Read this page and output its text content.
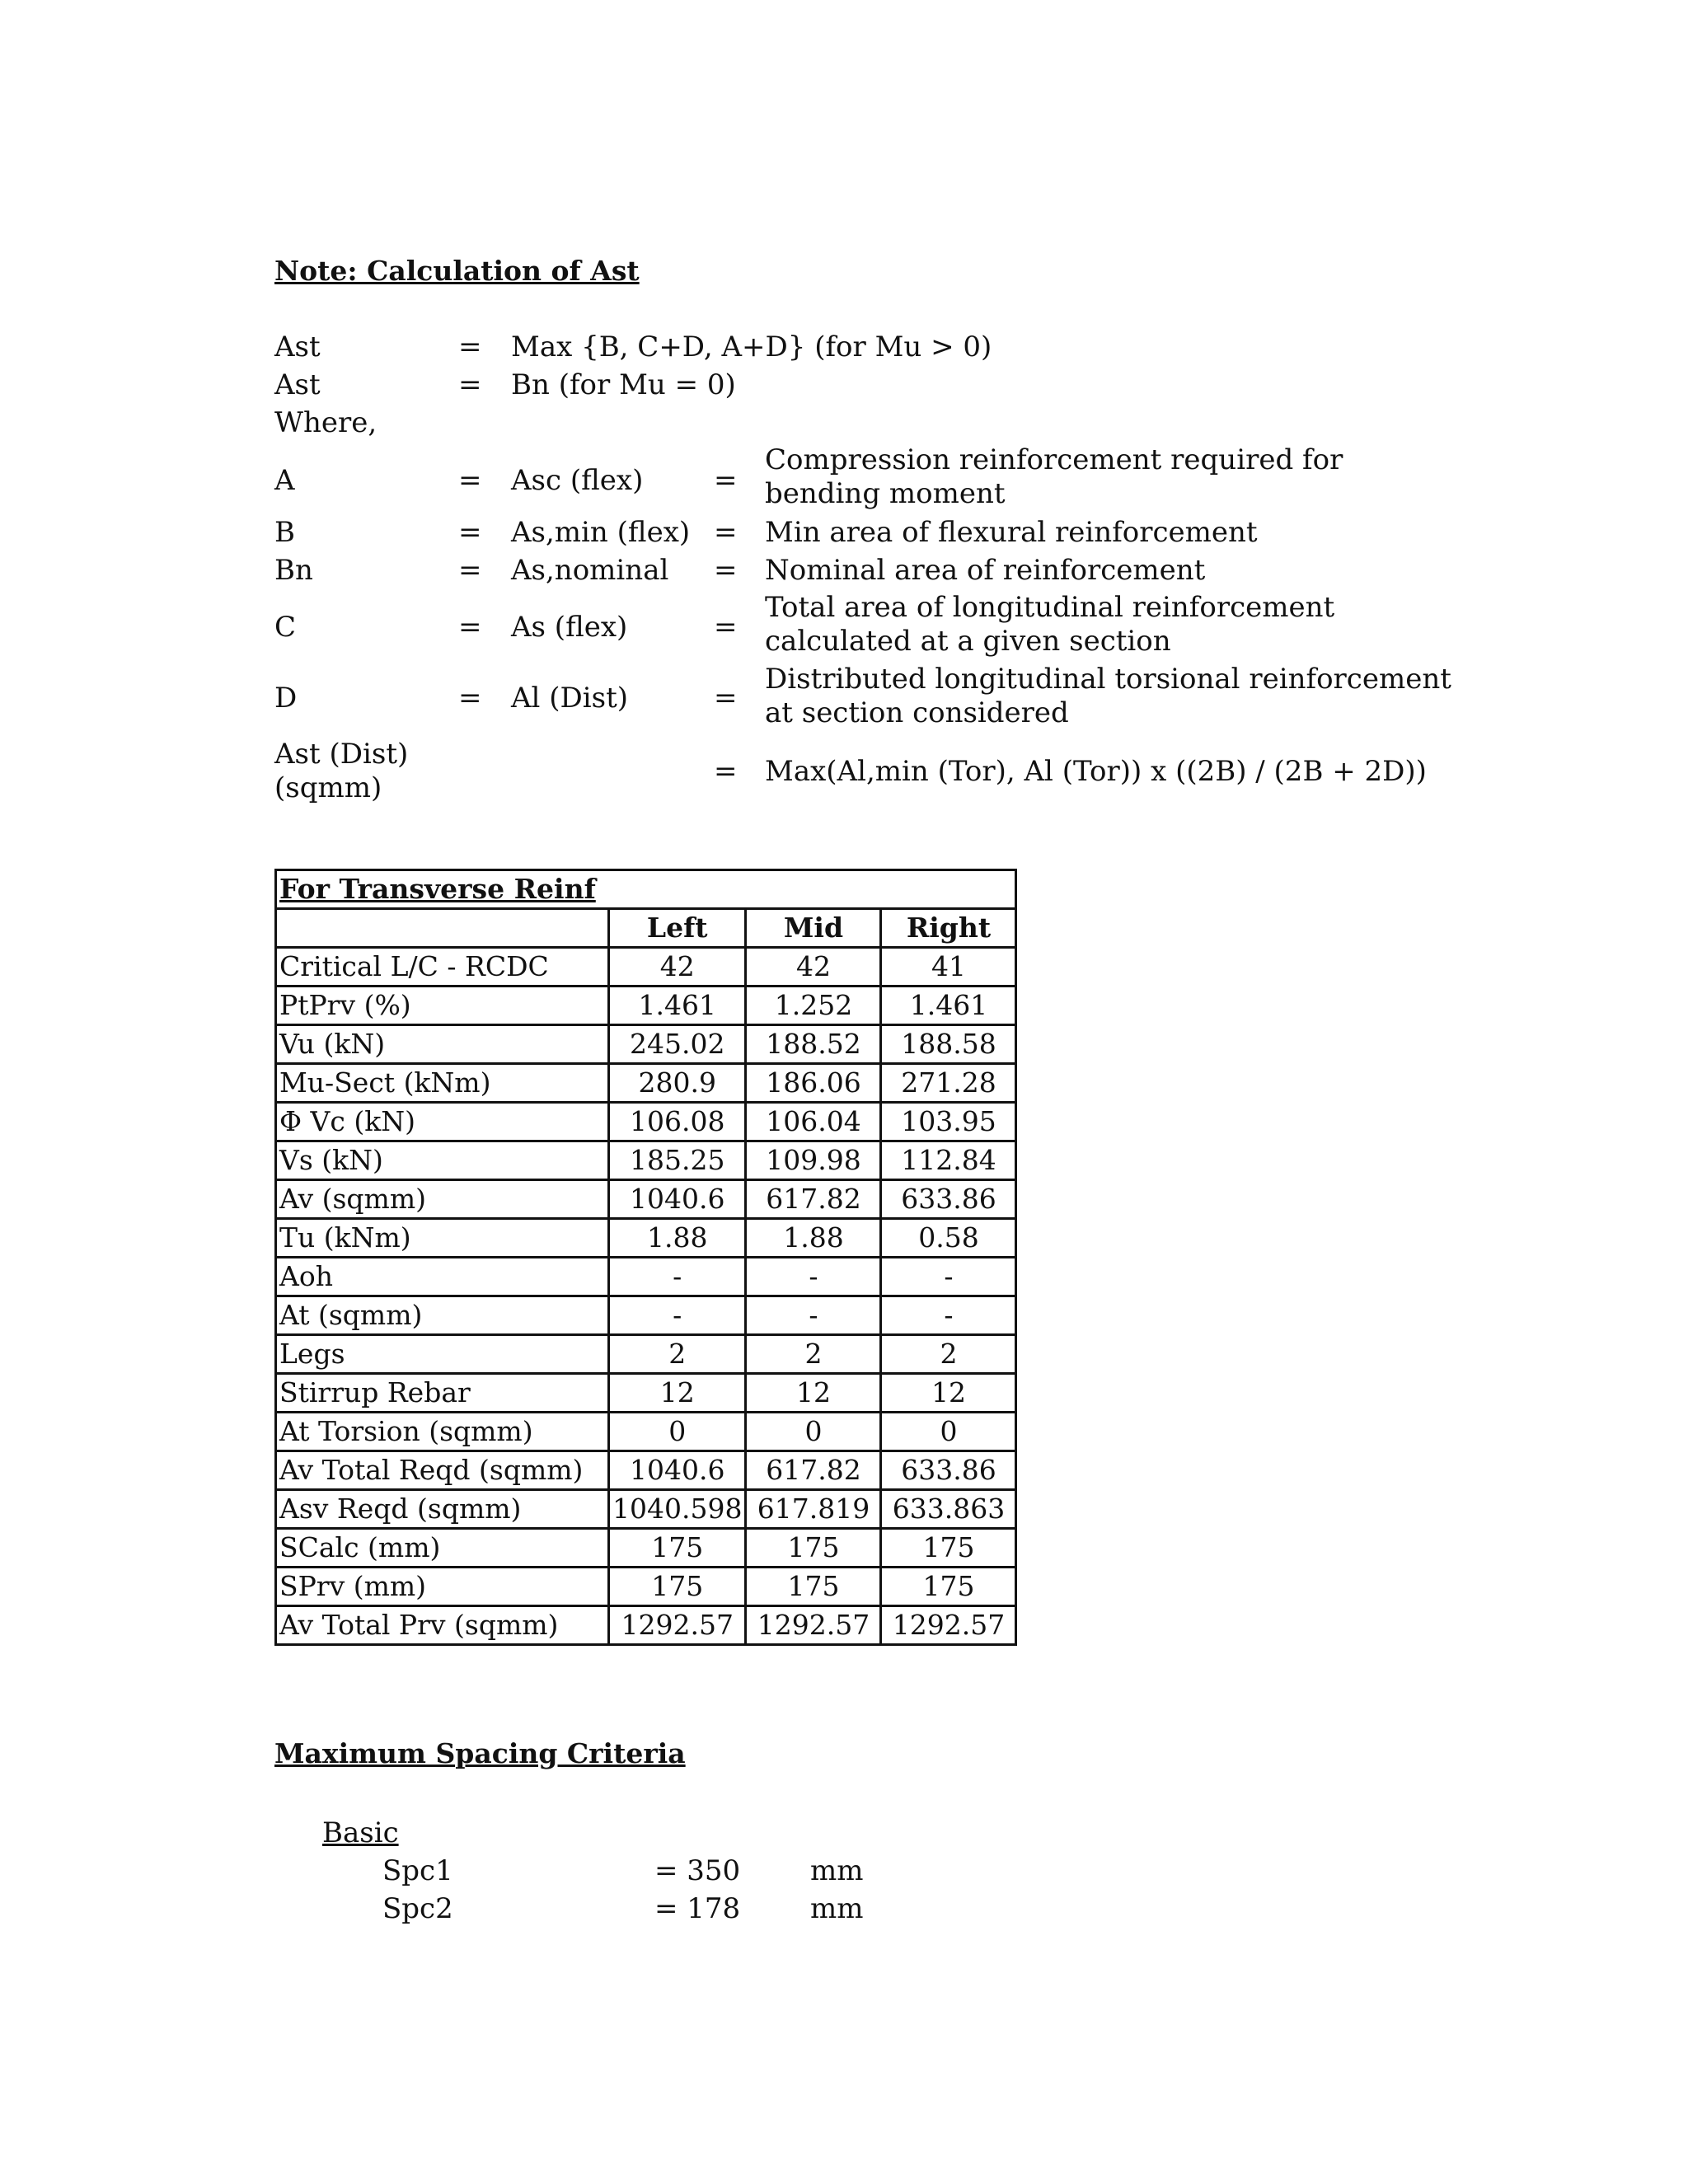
Note: Calculation of Ast
Ast	= Max {B, C+D, A+D} (for Mu > 0)
Ast	= Bn (for Mu = 0)
Where,
A	= Asc (flex)	=
Compression reinforcement required for
bending moment
B	= As,min (flex) = Min area of flexural reinforcement
Bn	= As,nominal = Nominal area of reinforcement
C	= As (flex)	=
Total area of longitudinal reinforcement
calculated at a given section
D	= Al (Dist)	=
Distributed longitudinal torsional reinforcement
at section considered
Ast (Dist)
(sqmm)	= Max(Al,min (Tor), Al (Tor)) x ((2B) / (2B + 2D))
For Transverse Reinf			
	Left	Mid	Right
Critical L/C - RCDC	42	42	41
PtPrv (%)	1.461	1.252	1.461
Vu (kN)	245.02	188.52	188.58
Mu-Sect (kNm)	280.9	186.06	271.28
Φ Vc (kN)	106.08	106.04	103.95
Vs (kN)	185.25	109.98	112.84
Av (sqmm)	1040.6	617.82	633.86
Tu (kNm)	1.88	1.88	0.58
Aoh	-	-	-
At (sqmm)	-	-	-
Legs	2	2	2
Stirrup Rebar	12	12	12
At Torsion (sqmm)	0	0	0
Av Total Reqd (sqmm)	1040.6	617.82	633.86
Asv Reqd (sqmm)	1040.598	617.819	633.863
SCalc (mm)	175	175	175
SPrv (mm)	175	175	175
Av Total Prv (sqmm)	1292.57	1292.57	1292.57
Maximum Spacing Criteria
Basic
Spc1	= 350 mm
Spc2	= 178 mm
